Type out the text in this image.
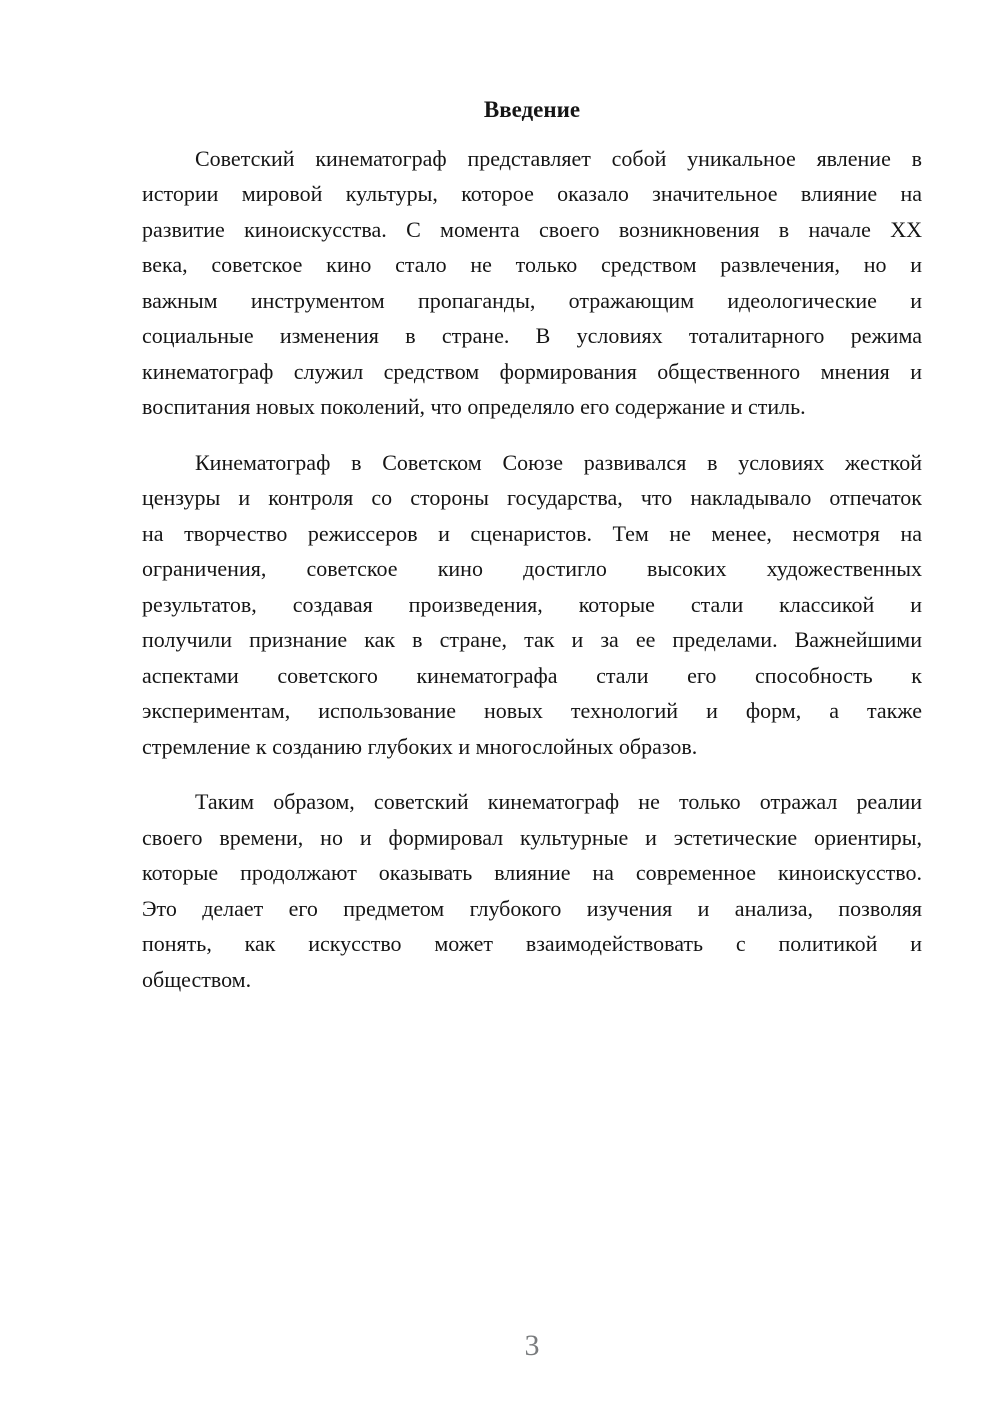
Введение
Советский кинематограф представляет собой уникальное явление в
истории мировой культуры, которое оказало значительное влияние на
развитие киноискусства. С момента своего возникновения в начале XX
века, советское кино стало не только средством развлечения, но и
важным инструментом пропаганды, отражающим идеологические и
социальные изменения в стране. В условиях тоталитарного режима
кинематограф служил средством формирования общественного мнения и
воспитания новых поколений, что определяло его содержание и стиль.
Кинематограф в Советском Союзе развивался в условиях жесткой
цензуры и контроля со стороны государства, что накладывало отпечаток
на творчество режиссеров и сценаристов. Тем не менее, несмотря на
ограничения, советское кино достигло высоких художественных
результатов, создавая произведения, которые стали классикой и
получили признание как в стране, так и за ее пределами. Важнейшими
аспектами советского кинематографа стали его способность к
экспериментам, использование новых технологий и форм, а также
стремление к созданию глубоких и многослойных образов.
Таким образом, советский кинематограф не только отражал реалии
своего времени, но и формировал культурные и эстетические ориентиры,
которые продолжают оказывать влияние на современное киноискусство.
Это делает его предметом глубокого изучения и анализа, позволяя
понять, как искусство может взаимодействовать с политикой и
обществом.
3
